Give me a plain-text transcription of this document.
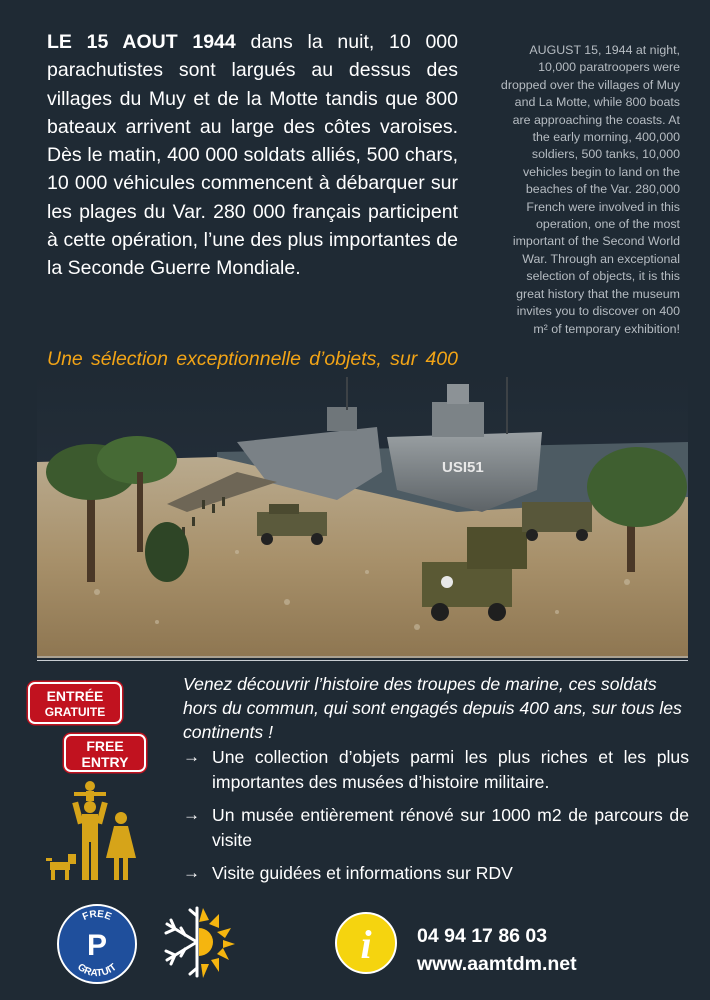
LE 15 AOUT 1944 dans la nuit, 10 000 parachutistes sont largués au dessus des villages du Muy et de la Motte tandis que 800 bateaux arrivent au large des côtes varoises. Dès le matin, 400 000 soldats alliés, 500 chars, 10 000 véhicules commencent à débarquer sur les plages du Var. 280 000 français participent à cette opération, l’une des plus importantes de la Seconde Guerre Mondiale.
Une sélection exceptionnelle d’objets, sur 400
AUGUST 15, 1944 at night, 10,000 paratroopers were dropped over the villages of Muy and La Motte, while 800 boats are approaching the coasts. At the early morning, 400,000 soldiers, 500 tanks, 10,000 vehicles begin to land on the beaches of the Var. 280,000 French were involved in this operation, one of the most important of the Second World War. Through an exceptional selection of objects, it is this great history that the museum invites you to discover on 400 m² of temporary exhibition!
USI51
ENTRÉE
GRATUITE
FREE
ENTRY
Venez découvrir l’histoire des troupes de marine, ces soldats hors du commun, qui sont engagés depuis 400 ans, sur tous les continents !
→ Une collection d’objets parmi les plus riches et les plus importantes des musées d’histoire militaire.
→ Un musée entièrement rénové sur 1000 m2 de parcours de visite
→ Visite guidées et informations sur RDV
FREE
GRATUIT
P	i 04 94 17 86 03
www.aamtdm.net
